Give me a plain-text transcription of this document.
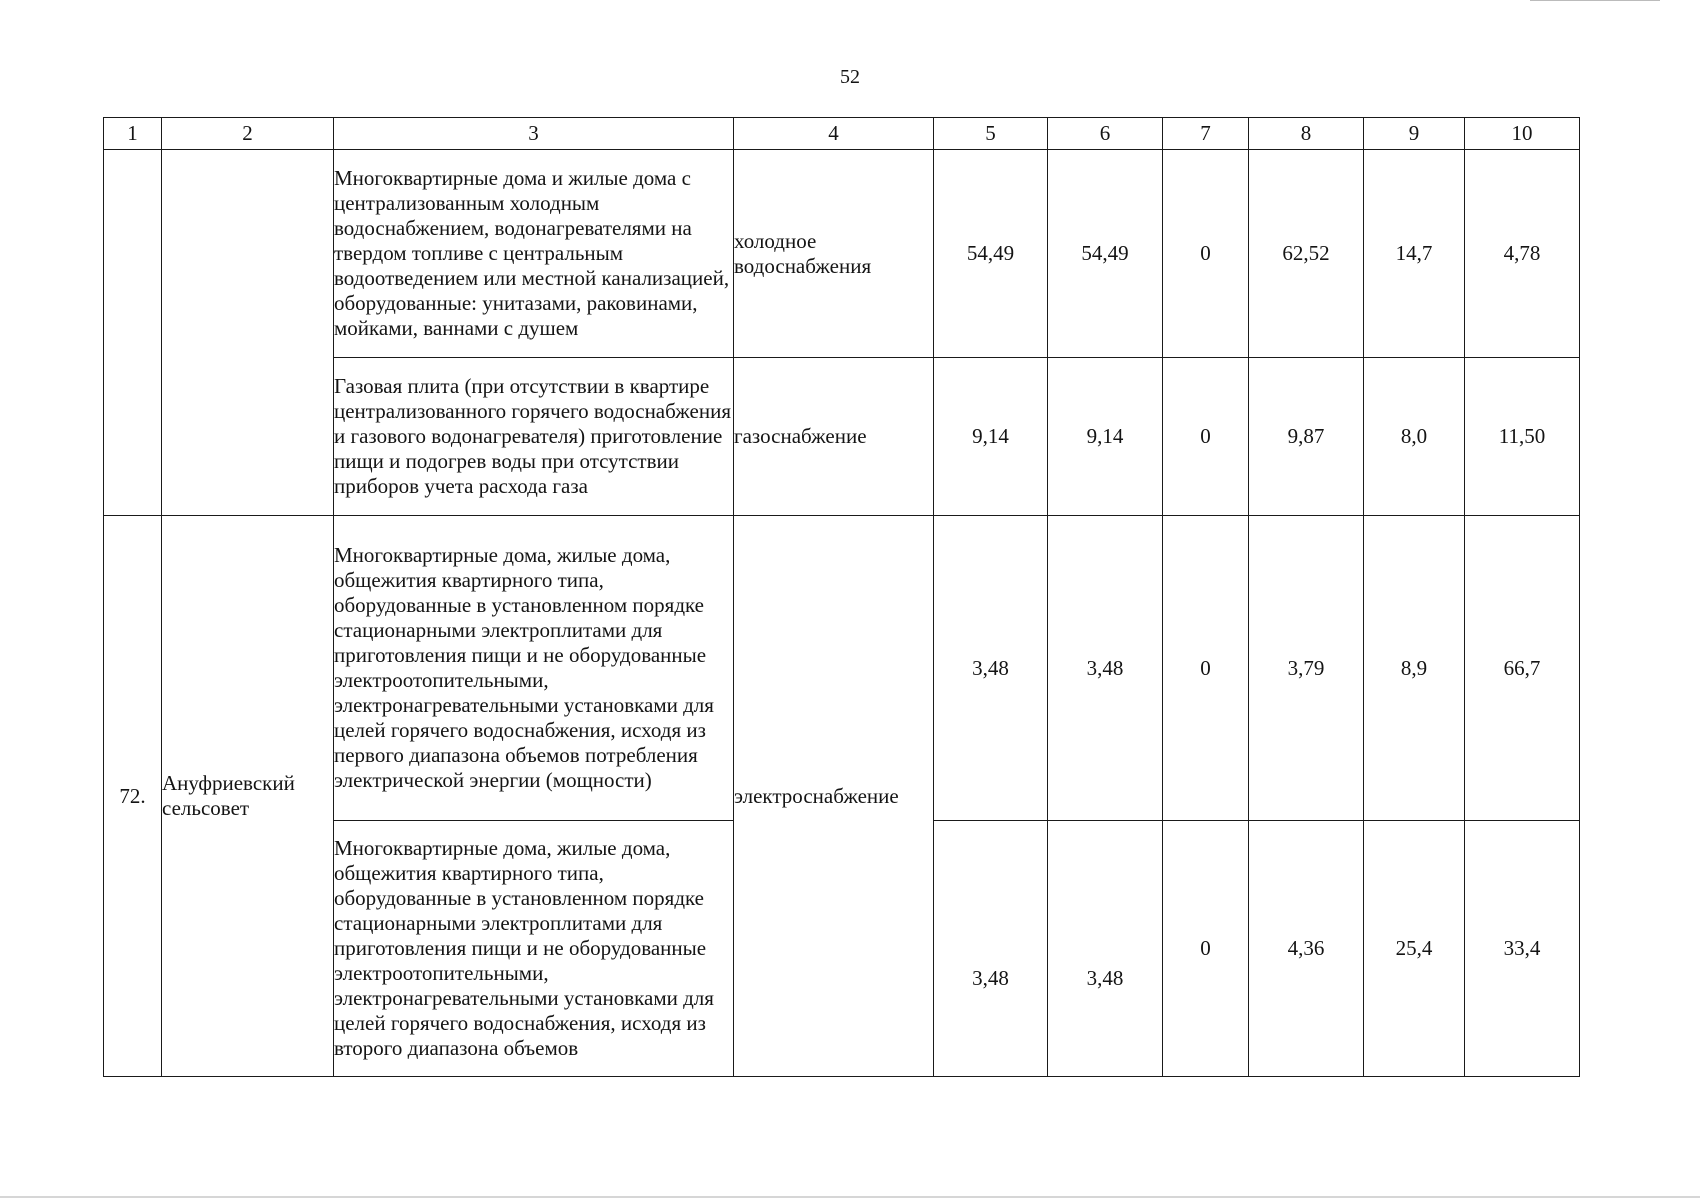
52
1	2	3	4	5	6	7	8	9	10
		Многоквартирные дома и жилые дома с централизованным холодным водоснабжением, водонагревателями на твердом топливе с центральным водоотведением или местной канализацией, оборудованные: унитазами, раковинами, мойками, ваннами с душем	холодное водоснабжения	54,49	54,49	0	62,52	14,7	4,78
		Газовая плита (при отсутствии в квартире централизованного горячего водоснабжения и газового водонагревателя) приготовление пищи и подогрев воды при отсутствии приборов учета расхода газа	газоснабжение	9,14	9,14	0	9,87	8,0	11,50
72.	Ануфриевский сельсовет	Многоквартирные дома, жилые дома, общежития квартирного типа, оборудованные в установленном порядке стационарными электроплитами для приготовления пищи и не оборудованные электроотопительными, электронагревательными установками для целей горячего водоснабжения, исходя из первого диапазона объемов потребления электрической энергии (мощности)	электроснабжение	3,48	3,48	0	3,79	8,9	66,7
		Многоквартирные дома, жилые дома, общежития квартирного типа, оборудованные в установленном порядке стационарными электроплитами для приготовления пищи и не оборудованные электроотопительными, электронагревательными установками для целей горячего водоснабжения, исходя из второго диапазона объемов		3,48	3,48	0	4,36	25,4	33,4
